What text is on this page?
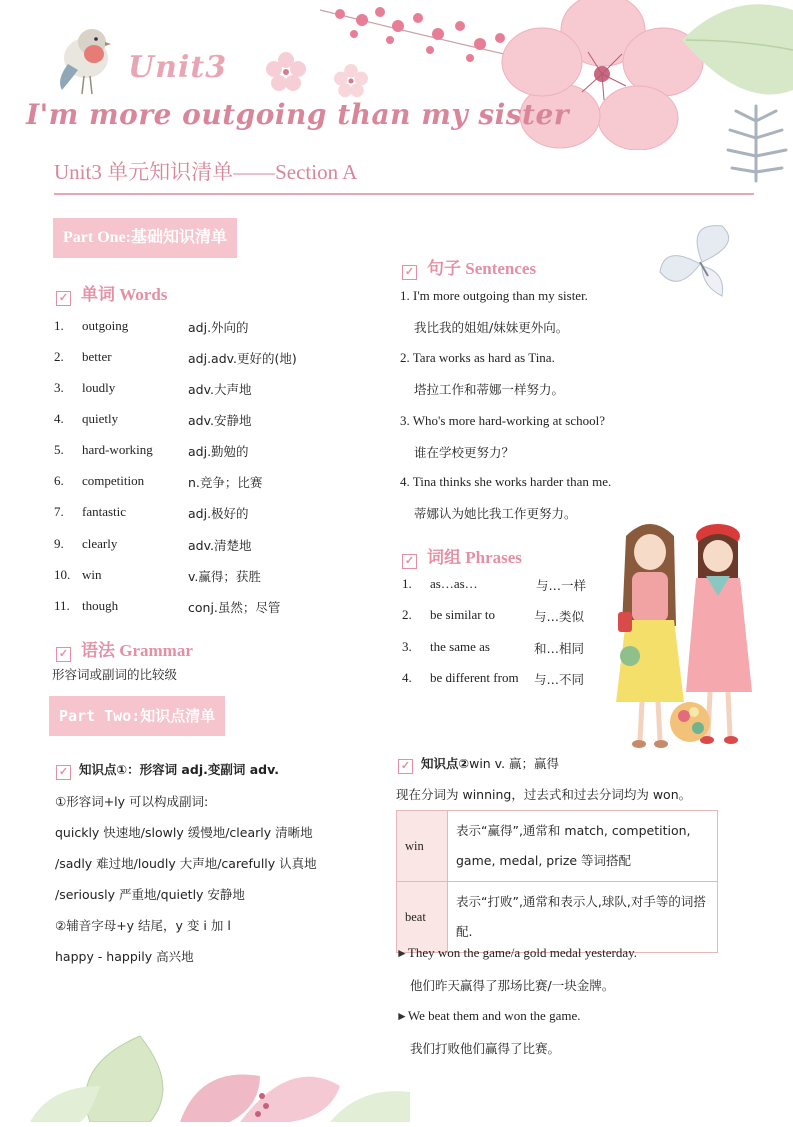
Unit3
I'm more outgoing than my sister
Unit3 单元知识清单——Section A
Part One:基础知识清单
✓ 单词 Words
1. outgoing	adj.外向的
2. better	adj.adv.更好的(地)
3. loudly	adv.大声地
4. quietly	adv.安静地
5. hard-working	adj.勤勉的
6. competition	n.竞争；比赛
7. fantastic	adj.极好的
9. clearly	adv.清楚地
10. win	v.赢得；获胜
11. though	conj.虽然；尽管
✓ 语法 Grammar
形容词或副词的比较级
✓ 句子 Sentences
1. I'm more outgoing than my sister.
我比我的姐姐/妹妹更外向。
2. Tara works as hard as Tina.
塔拉工作和蒂娜一样努力。
3. Who's more hard-working at school?
谁在学校更努力？
4. Tina thinks she works harder than me.
蒂娜认为她比我工作更努力。
✓ 词组 Phrases
1. as…as…	与…一样
2. be similar to	与…类似
3. the same as	和…相同
4. be different from 与…不同
Part Two:知识点清单
✓ 知识点①：形容词 adj.变副词 adv.
①形容词+ly 可以构成副词:
quickly 快速地/slowly 缓慢地/clearly 清晰地
/sadly 难过地/loudly 大声地/carefully 认真地
/seriously 严重地/quietly 安静地
②辅音字母+y 结尾，y 变 i 加 l
happy - happily 高兴地
✓ 知识点②win v. 赢；赢得
现在分词为 winning，过去式和过去分词均为 won。
win	表示“赢得”,通常和 match, competition, game, medal, prize 等词搭配
beat	表示“打败”,通常和表示人,球队,对手等的词搭配.
►They won the game/a gold medal yesterday.
他们昨天赢得了那场比赛/一块金牌。
►We beat them and won the game.
我们打败他们赢得了比赛。
